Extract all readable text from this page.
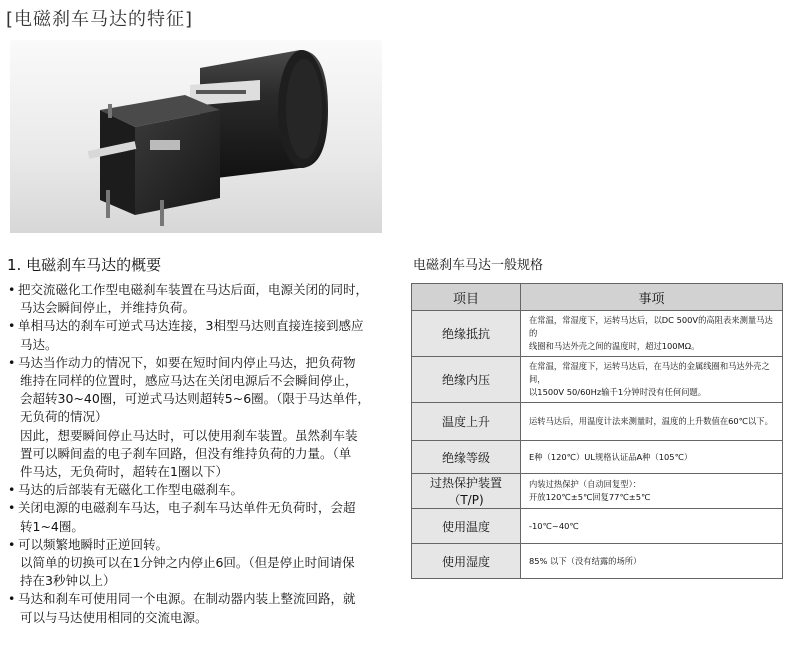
[电磁刹车马达的特征]
1. 电磁刹车马达的概要
• 把交流磁化工作型电磁刹车装置在马达后面，电源关闭的同时，
马达会瞬间停止，并维持负荷。
• 单相马达的刹车可逆式马达连接，3相型马达则直接连接到感应
马达。
• 马达当作动力的情况下，如要在短时间内停止马达，把负荷物
维持在同样的位置时，感应马达在关闭电源后不会瞬间停止，
会超转30~40圈，可逆式马达则超转5~6圈。（限于马达单件，
无负荷的情况）
因此，想要瞬间停止马达时，可以使用刹车装置。虽然刹车装
置可以瞬间盍的电子刹车回路，但没有维持负荷的力量。（单
件马达，无负荷时，超转在1圈以下）
• 马达的后部装有无磁化工作型电磁刹车。
• 关闭电源的电磁刹车马达，电子刹车马达单件无负荷时，会超
转1~4圈。
• 可以频繁地瞬时正逆回转。
以简单的切换可以在1分钟之内停止6回。（但是停止时间请保
持在3秒钟以上）
• 马达和刹车可使用同一个电源。在制动器内装上整流回路，就
可以与马达使用相同的交流电源。
电磁刹车马达一般规格
项目	事项
绝缘抵抗	在常温，常湿度下，运转马达后，以DC 500V的高阻表来测量马达的
线圈和马达外壳之间的温度时，超过100MΩ。

绝缘内压	在常温，常湿度下，运转马达后，在马达的金属线圈和马达外壳之间，
以1500V 50/60Hz输千1分钟时没有任何问题。

温度上升	运转马达后，用温度计法来测量时，温度的上升数值在60℃以下。

绝缘等级	E种（120℃）UL规格认证品A种（105℃）

过热保护装置（T/P)	内装过热保护（自动回复型）：
开放120℃±5℃回复77℃±5℃

使用温度	-10℃~40℃

使用湿度	85% 以下（没有结露的场所）
